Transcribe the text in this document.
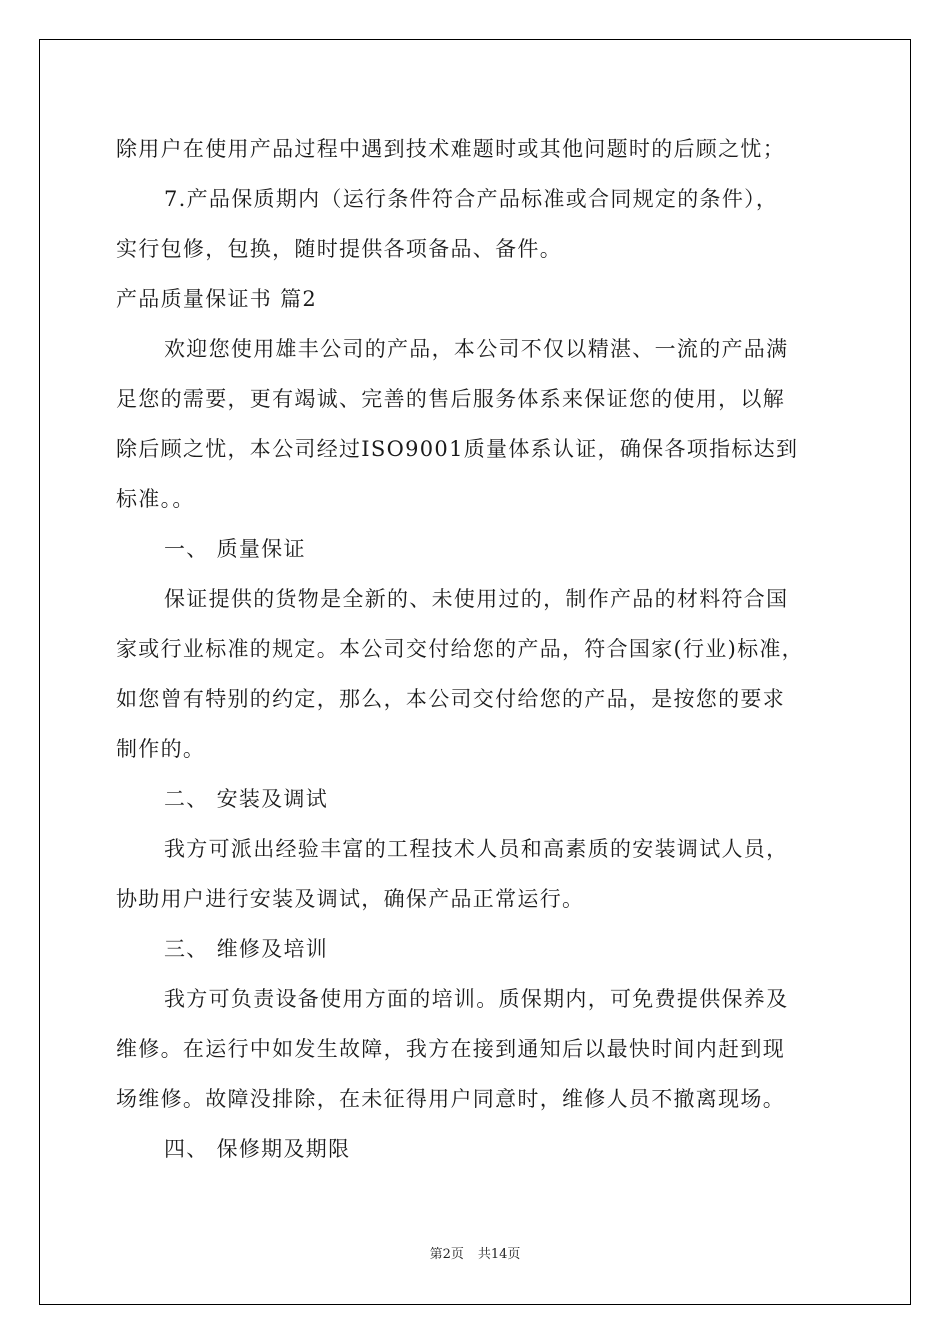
除用户在使用产品过程中遇到技术难题时或其他问题时的后顾之忧；
7.产品保质期内（运行条件符合产品标准或合同规定的条件），
实行包修，包换，随时提供各项备品、备件。
产品质量保证书 篇2
欢迎您使用雄丰公司的产品，本公司不仅以精湛、一流的产品满
足您的需要，更有竭诚、完善的售后服务体系来保证您的使用，以解
除后顾之忧，本公司经过ISO9001质量体系认证，确保各项指标达到
标准。。
一、 质量保证
保证提供的货物是全新的、未使用过的，制作产品的材料符合国
家或行业标准的规定。本公司交付给您的产品，符合国家(行业)标准，
如您曾有特别的约定，那么，本公司交付给您的产品，是按您的要求
制作的。
二、 安装及调试
我方可派出经验丰富的工程技术人员和高素质的安装调试人员，
协助用户进行安装及调试，确保产品正常运行。
三、 维修及培训
我方可负责设备使用方面的培训。质保期内，可免费提供保养及
维修。在运行中如发生故障，我方在接到通知后以最快时间内赶到现
场维修。故障没排除，在未征得用户同意时，维修人员不撤离现场。
四、 保修期及期限
第2页 共14页
